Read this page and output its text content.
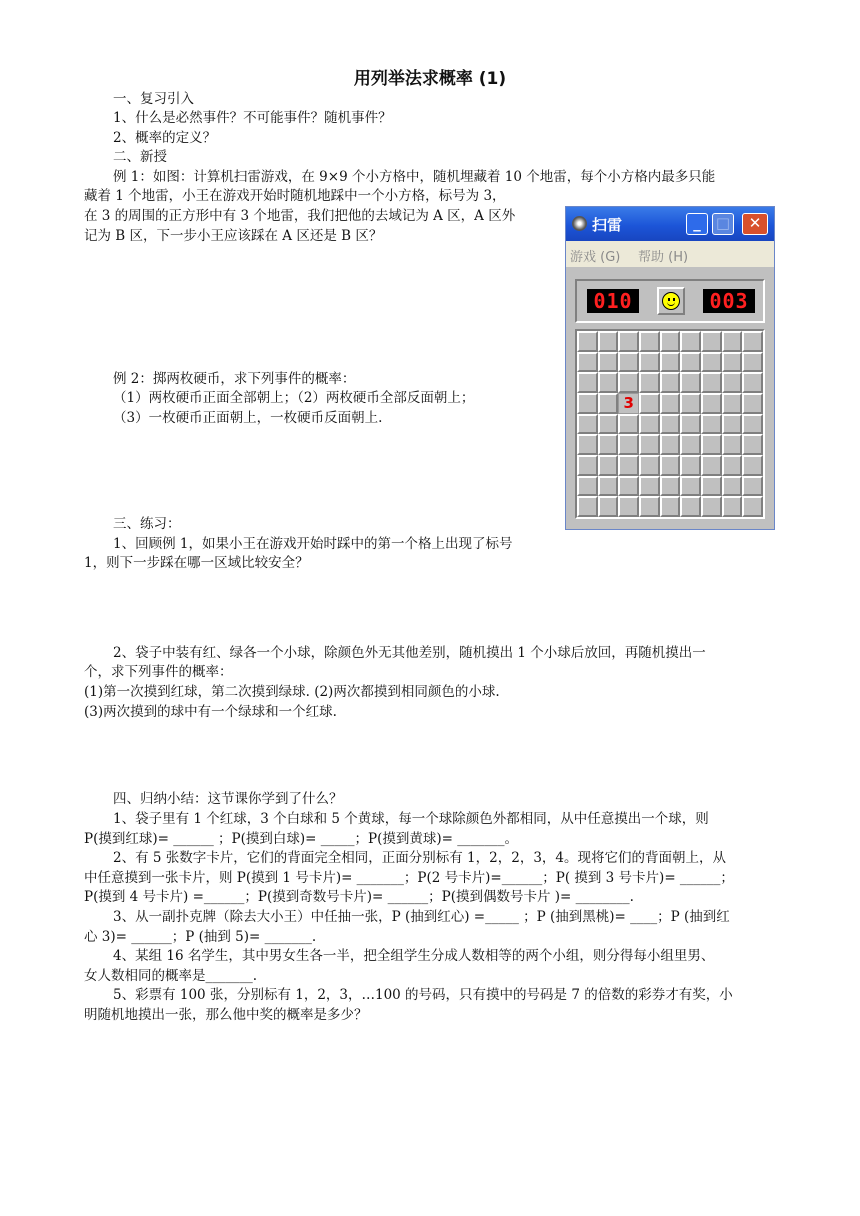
用列举法求概率 (1)
一、复习引入
1、什么是必然事件？不可能事件？随机事件？
2、概率的定义？
二、新授
例 1：如图：计算机扫雷游戏，在 9×9 个小方格中，随机埋藏着 10 个地雷，每个小方格内最多只能
藏着 1 个地雷，小王在游戏开始时随机地踩中一个小方格，标号为 3，
在 3 的周围的正方形中有 3 个地雷，我们把他的去域记为 A 区，A 区外
记为 B 区，下一步小王应该踩在 A 区还是 B 区？
例 2：掷两枚硬币，求下列事件的概率：
（1）两枚硬币正面全部朝上；（2）两枚硬币全部反面朝上；
（3）一枚硬币正面朝上，一枚硬币反面朝上.
三、练习：
1、回顾例 1，如果小王在游戏开始时踩中的第一个格上出现了标号
1，则下一步踩在哪一区域比较安全？
2、袋子中装有红、绿各一个小球，除颜色外无其他差别，随机摸出 1 个小球后放回，再随机摸出一
个，求下列事件的概率：
(1)第一次摸到红球，第二次摸到绿球. (2)两次都摸到相同颜色的小球.
(3)两次摸到的球中有一个绿球和一个红球.
四、归纳小结：这节课你学到了什么？
1、袋子里有 1 个红球，3 个白球和 5 个黄球，每一个球除颜色外都相同，从中任意摸出一个球，则
P(摸到红球)= ______ ；P(摸到白球)= _____；P(摸到黄球)= _______。
2、有 5 张数字卡片，它们的背面完全相同，正面分别标有 1，2，2，3，4。现将它们的背面朝上，从
中任意摸到一张卡片，则 P(摸到 1 号卡片)= _______；P(2 号卡片)=______；P( 摸到 3 号卡片)= ______；
P(摸到 4 号卡片) =______；P(摸到奇数号卡片)= ______；P(摸到偶数号卡片 )= ________.
3、从一副扑克牌（除去大小王）中任抽一张，P (抽到红心) =_____ ；P (抽到黑桃)= ____；P (抽到红
心 3)= ______；P (抽到 5)= _______.
4、某组 16 名学生，其中男女生各一半，把全组学生分成人数相等的两个小组，则分得每小组里男、
女人数相同的概率是_______.
5、彩票有 100 张，分别标有 1，2，3，…100 的号码，只有摸中的号码是 7 的倍数的彩券才有奖，小
明随机地摸出一张，那么他中奖的概率是多少？
扫雷	_	□	✕
游戏 (G) 帮助 (H)
010	003
3
